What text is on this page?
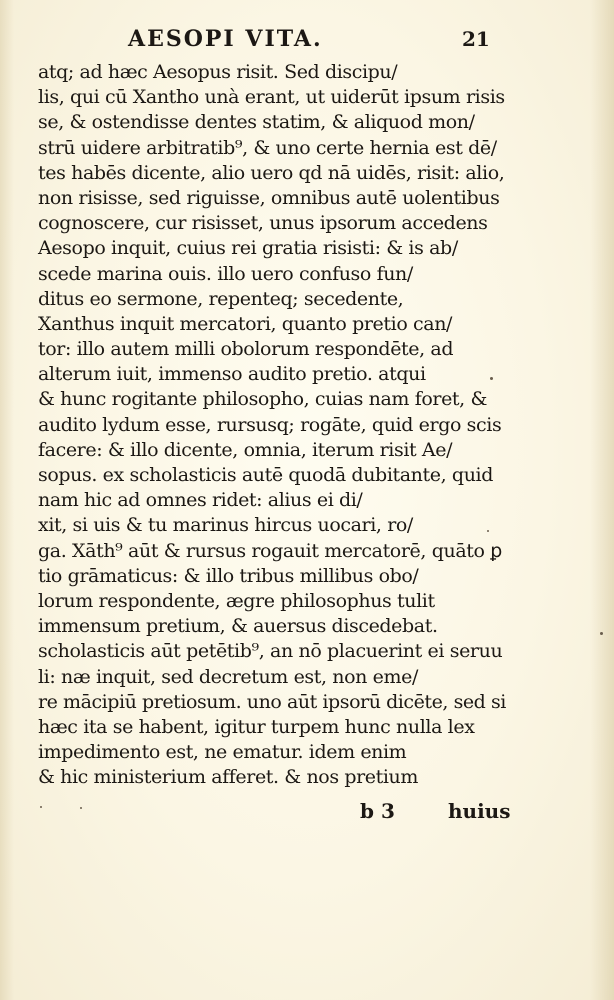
AESOPI VITA.	21
atq; ad hæc Aesopus risit. Sed discipu/
lis, qui cū Xantho unà erant, ut uiderūt ipsum risis
se, & ostendisse dentes statim, & aliquod mon/
strū uidere arbitratib⁹, & uno certe hernia est dē/
tes habēs dicente, alio uero qd nā uidēs, risit: alio,
non risisse, sed riguisse, omnibus autē uolentibus
cognoscere, cur risisset, unus ipsorum accedens
Aesopo inquit, cuius rei gratia risisti: & is ab/
scede marina ouis. illo uero confuso fun/
ditus eo sermone, repenteq; secedente,
Xanthus inquit mercatori, quanto pretio can/
tor: illo autem milli obolorum respondēte, ad
alterum iuit, immenso audito pretio. atqui
& hunc rogitante philosopho, cuias nam foret, &
audito lydum esse, rursusq; rogāte, quid ergo scis
facere: & illo dicente, omnia, iterum risit Ae/
sopus. ex scholasticis autē quodā dubitante, quid
nam hic ad omnes ridet: alius ei di/
xit, si uis & tu marinus hircus uocari, ro/
ga. Xāth⁹ aūt & rursus rogauit mercatorē, quāto ꝑ
tio grāmaticus: & illo tribus millibus obo/
lorum respondente, ægre philosophus tulit
immensum pretium, & auersus discedebat.
scholasticis aūt petētib⁹, an nō placuerint ei seruu
li: næ inquit, sed decretum est, non eme/
re mācipiū pretiosum. uno aūt ipsorū dicēte, sed si
hæc ita se habent, igitur turpem hunc nulla lex
impedimento est, ne ematur. idem enim
& hic ministerium afferet. & nos pretium
b 3	huius
